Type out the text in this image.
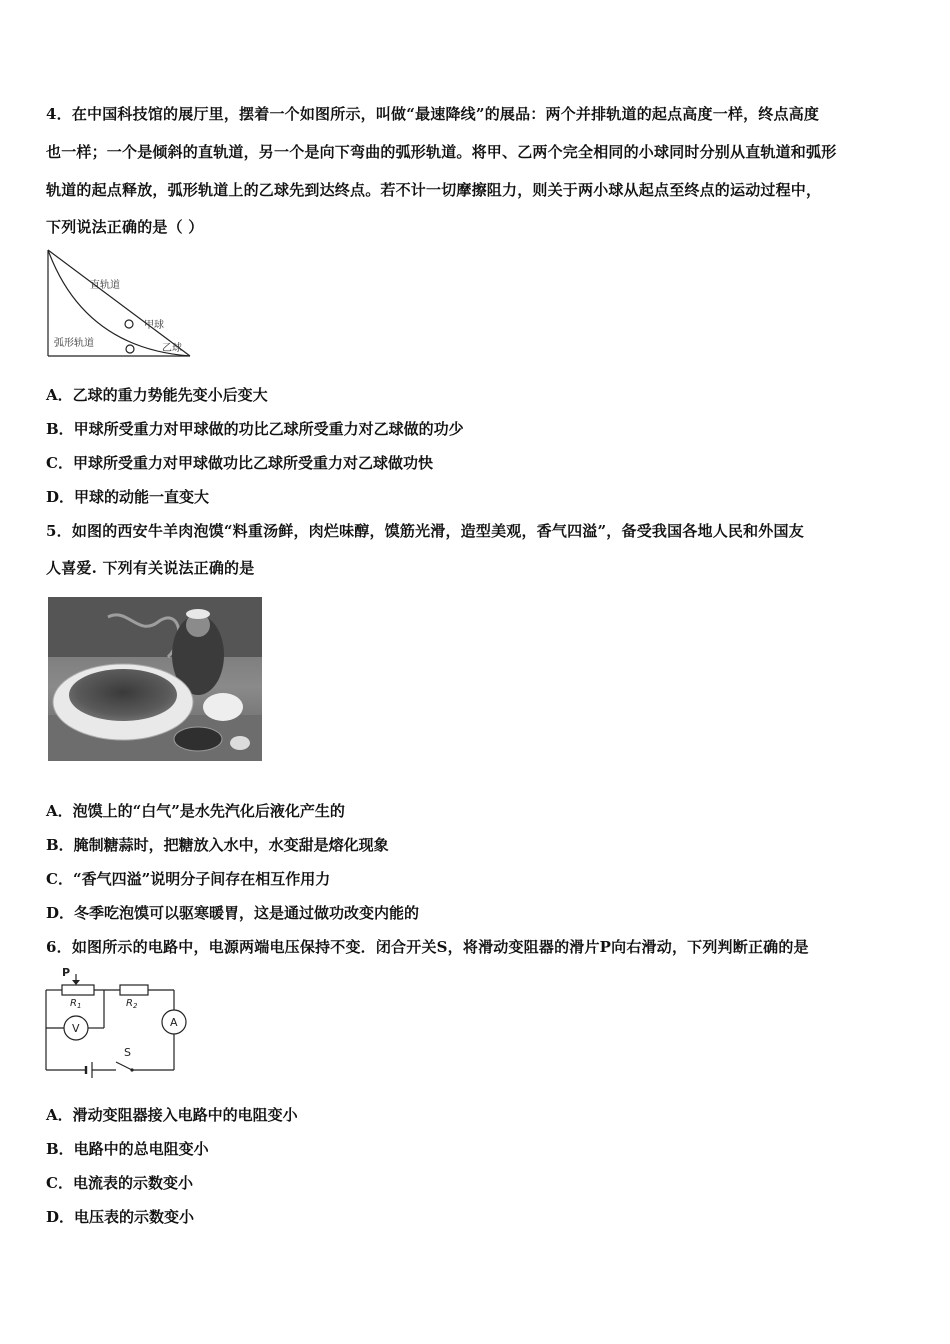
4．在中国科技馆的展厅里，摆着一个如图所示，叫做“最速降线”的展品：两个并排轨道的起点高度一样，终点高度
也一样；一个是倾斜的直轨道，另一个是向下弯曲的弧形轨道。将甲、乙两个完全相同的小球同时分别从直轨道和弧形
轨道的起点释放，弧形轨道上的乙球先到达终点。若不计一切摩擦阻力，则关于两小球从起点至终点的运动过程中，
下列说法正确的是（ ）
直轨道
甲球
弧形轨道	乙球
A．乙球的重力势能先变小后变大
B．甲球所受重力对甲球做的功比乙球所受重力对乙球做的功少
C．甲球所受重力对甲球做功比乙球所受重力对乙球做功快
D．甲球的动能一直变大
5．如图的西安牛羊肉泡馍“料重汤鲜，肉烂味醇，馍筋光滑，造型美观，香气四溢”，备受我国各地人民和外国友
人喜爱. 下列有关说法正确的是
A．泡馍上的“白气”是水先汽化后液化产生的
B．腌制糖蒜时，把糖放入水中，水变甜是熔化现象
C．“香气四溢”说明分子间存在相互作用力
D．冬季吃泡馍可以驱寒暖胃，这是通过做功改变内能的
6．如图所示的电路中，电源两端电压保持不变．闭合开关S，将滑动变阻器的滑片P向右滑动，下列判断正确的是
P
$R_1$	$R_2$
V	A
S
A．滑动变阻器接入电路中的电阻变小
B．电路中的总电阻变小
C．电流表的示数变小
D．电压表的示数变小
